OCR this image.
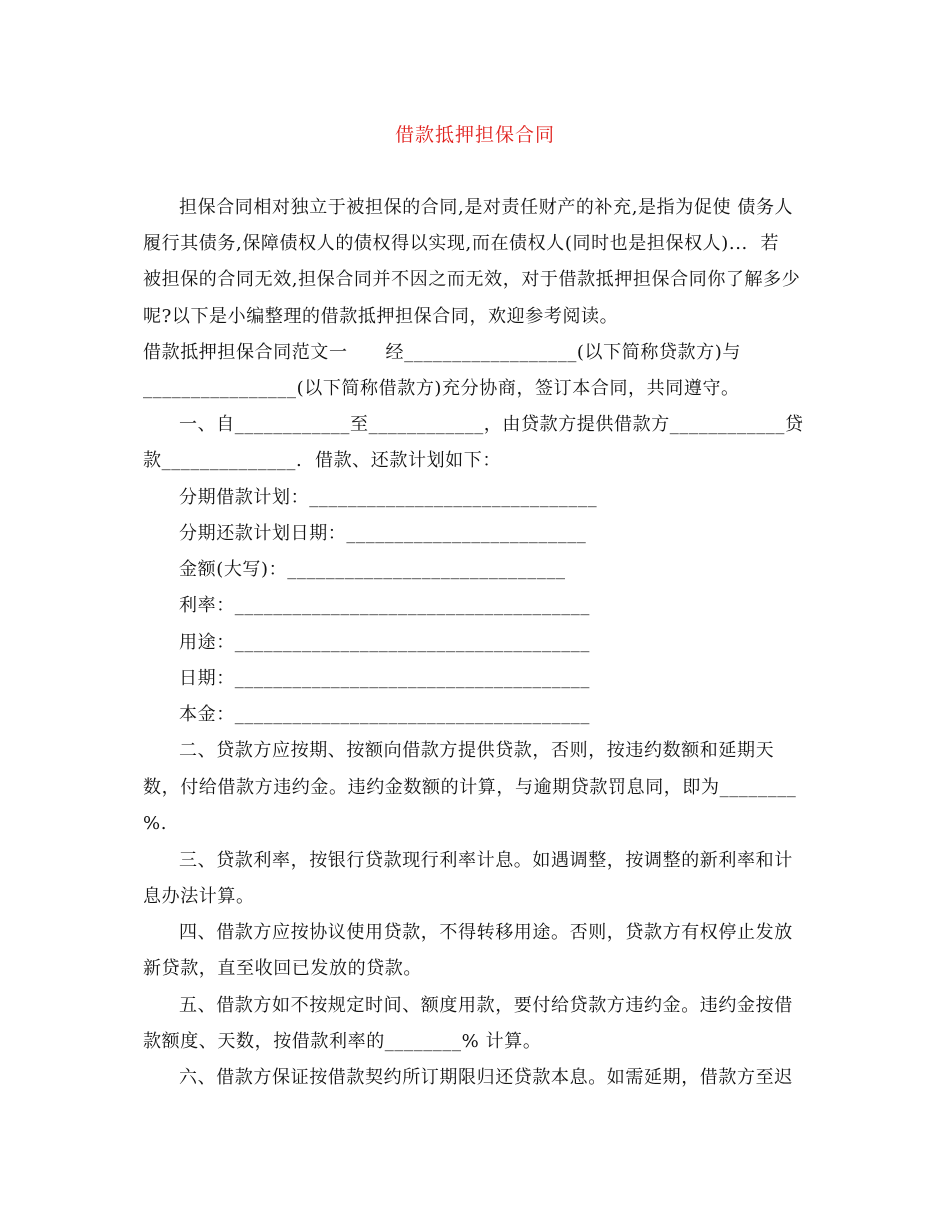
借款抵押担保合同
担保合同相对独立于被担保的合同,是对责任财产的补充,是指为促使 债务人
履行其债务,保障债权人的债权得以实现,而在债权人(同时也是担保权人)...  若
被担保的合同无效,担保合同并不因之而无效，对于借款抵押担保合同你了解多少
呢?以下是小编整理的借款抵押担保合同，欢迎参考阅读。
借款抵押担保合同范文一      经__________________(以下简称贷款方)与
________________(以下简称借款方)充分协商，签订本合同，共同遵守。
一、自____________至____________，由贷款方提供借款方____________贷
款______________.  借款、还款计划如下：
分期借款计划：______________________________
分期还款计划日期：_________________________
金额(大写)：_____________________________
利率：_____________________________________
用途：_____________________________________
日期：_____________________________________
本金：_____________________________________
二、贷款方应按期、按额向借款方提供贷款，否则，按违约数额和延期天
数，付给借款方违约金。违约金数额的计算，与逾期贷款罚息同，即为________
%.
三、贷款利率，按银行贷款现行利率计息。如遇调整，按调整的新利率和计
息办法计算。
四、借款方应按协议使用贷款，不得转移用途。否则，贷款方有权停止发放
新贷款，直至收回已发放的贷款。
五、借款方如不按规定时间、额度用款，要付给贷款方违约金。违约金按借
款额度、天数，按借款利率的________% 计算。
六、借款方保证按借款契约所订期限归还贷款本息。如需延期，借款方至迟
